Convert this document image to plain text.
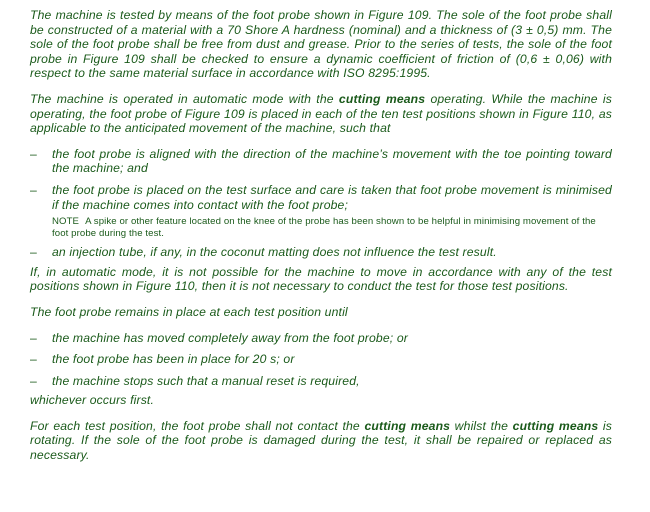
The machine is tested by means of the foot probe shown in Figure 109. The sole of the foot probe shall be constructed of a material with a 70 Shore A hardness (nominal) and a thickness of (3 ± 0,5) mm. The sole of the foot probe shall be free from dust and grease. Prior to the series of tests, the sole of the foot probe in Figure 109 shall be checked to ensure a dynamic coefficient of friction of (0,6 ± 0,06) with respect to the same material surface in accordance with ISO 8295:1995.

The machine is operated in automatic mode with the cutting means operating. While the machine is operating, the foot probe of Figure 109 is placed in each of the ten test positions shown in Figure 110, as applicable to the anticipated movement of the machine, such that

– the foot probe is aligned with the direction of the machine’s movement with the toe pointing toward the machine; and
– the foot probe is placed on the test surface and care is taken that foot probe movement is minimised if the machine comes into contact with the foot probe;
NOTE A spike or other feature located on the knee of the probe has been shown to be helpful in minimising movement of the foot probe during the test.
– an injection tube, if any, in the coconut matting does not influence the test result.

If, in automatic mode, it is not possible for the machine to move in accordance with any of the test positions shown in Figure 110, then it is not necessary to conduct the test for those test positions.

The foot probe remains in place at each test position until

– the machine has moved completely away from the foot probe; or
– the foot probe has been in place for 20 s; or
– the machine stops such that a manual reset is required,

whichever occurs first.

For each test position, the foot probe shall not contact the cutting means whilst the cutting means is rotating. If the sole of the foot probe is damaged during the test, it shall be repaired or replaced as necessary.
